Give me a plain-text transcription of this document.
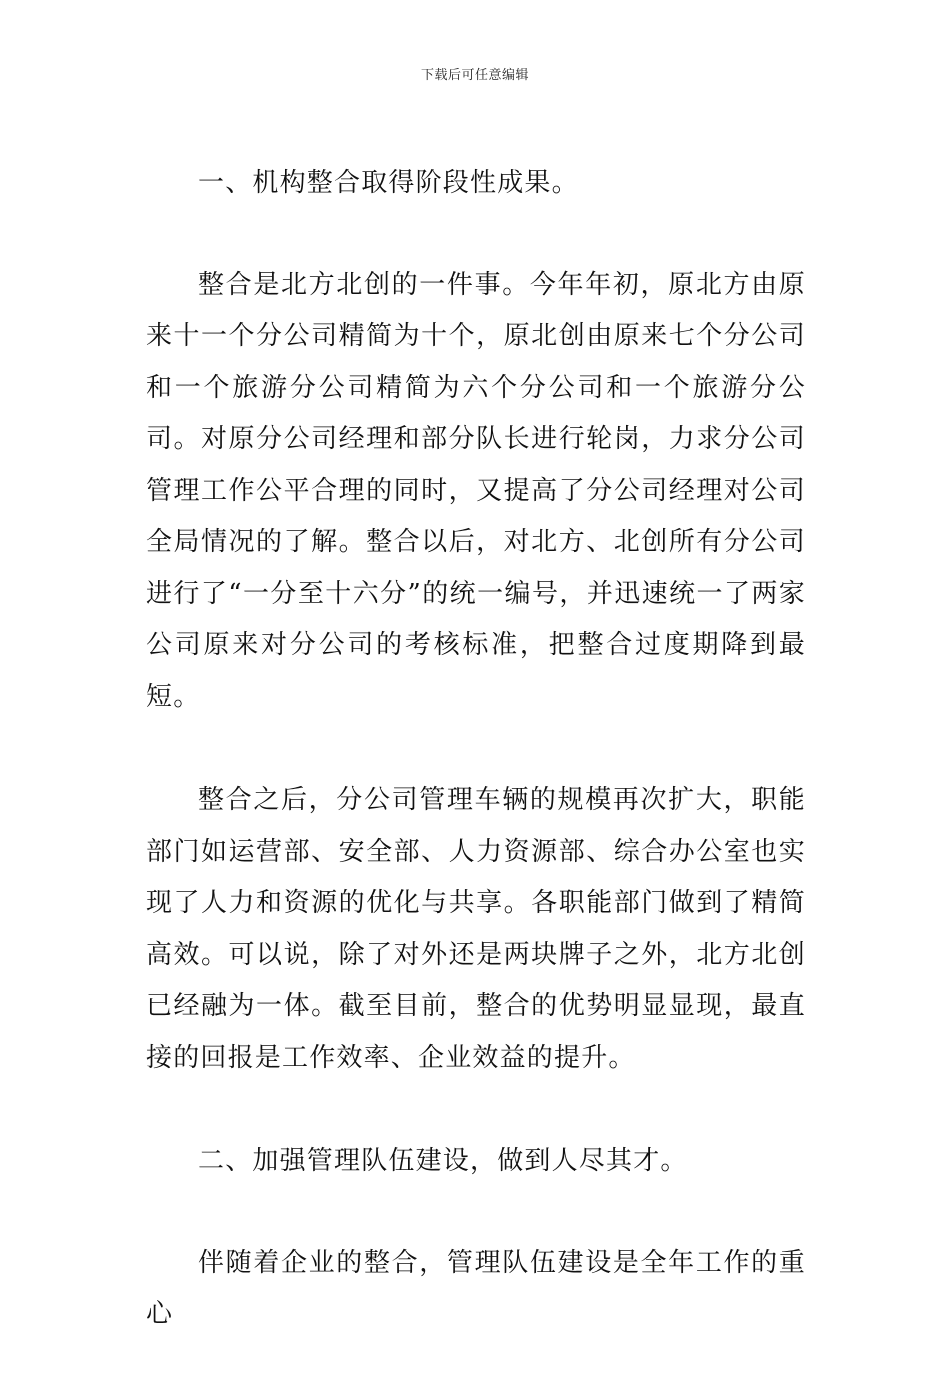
下载后可任意编辑

一、机构整合取得阶段性成果。

整合是北方北创的一件事。今年年初，原北方由原来十一个分公司精简为十个，原北创由原来七个分公司和一个旅游分公司精简为六个分公司和一个旅游分公司。对原分公司经理和部分队长进行轮岗，力求分公司管理工作公平合理的同时，又提高了分公司经理对公司全局情况的了解。整合以后，对北方、北创所有分公司进行了“一分至十六分”的统一编号，并迅速统一了两家公司原来对分公司的考核标准，把整合过度期降到最短。

整合之后，分公司管理车辆的规模再次扩大，职能部门如运营部、安全部、人力资源部、综合办公室也实现了人力和资源的优化与共享。各职能部门做到了精简高效。可以说，除了对外还是两块牌子之外，北方北创已经融为一体。截至目前，整合的优势明显显现，最直接的回报是工作效率、企业效益的提升。

二、加强管理队伍建设，做到人尽其才。

伴随着企业的整合，管理队伍建设是全年工作的重心
